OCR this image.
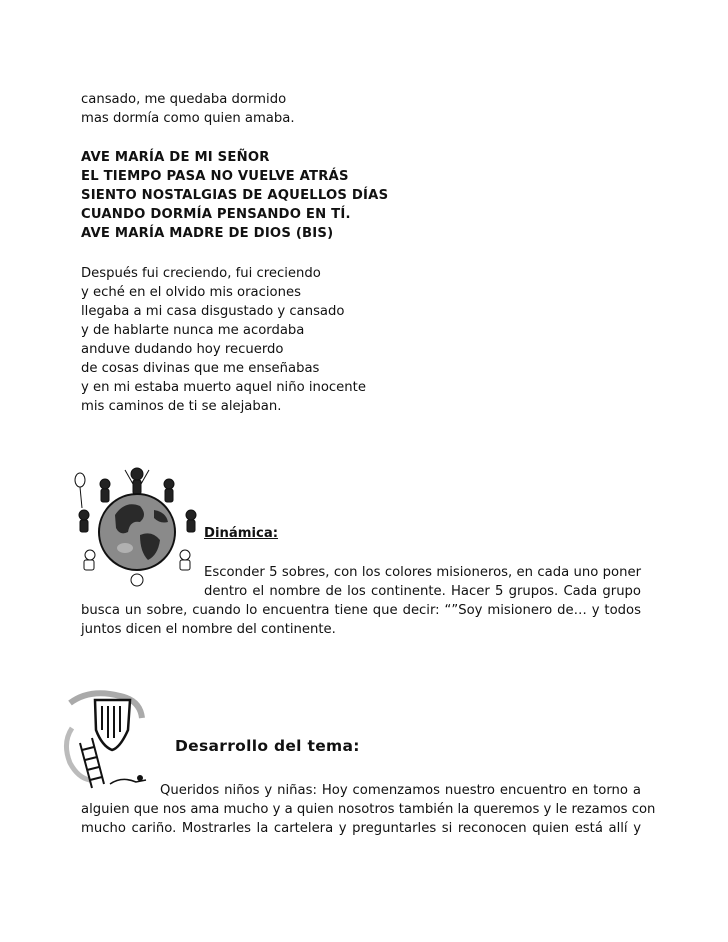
cansado, me quedaba dormido
mas dormía como quien amaba.
AVE MARÍA DE MI SEÑOR
EL TIEMPO PASA NO VUELVE ATRÁS
SIENTO NOSTALGIAS DE AQUELLOS DÍAS
CUANDO DORMÍA PENSANDO EN TÍ.
AVE MARÍA MADRE DE DIOS (BIS)
Después fui creciendo, fui creciendo
y eché en el olvido mis oraciones
llegaba a mi casa disgustado y cansado
y de hablarte nunca me acordaba
anduve dudando hoy recuerdo
de cosas divinas que me enseñabas
y en mi estaba muerto aquel niño inocente
mis caminos de ti se alejaban.
Dinámica:
Esconder 5 sobres, con los colores misioneros, en cada uno poner
dentro el nombre de los continente. Hacer 5 grupos. Cada grupo
busca un sobre, cuando lo encuentra tiene que decir: “”Soy misionero de… y todos
juntos dicen el nombre del continente.
Desarrollo del tema:
Queridos niños y niñas: Hoy comenzamos nuestro encuentro en torno a
alguien que nos ama mucho y a quien nosotros también la queremos y le rezamos con
mucho cariño. Mostrarles la cartelera y preguntarles si reconocen quien está allí y
